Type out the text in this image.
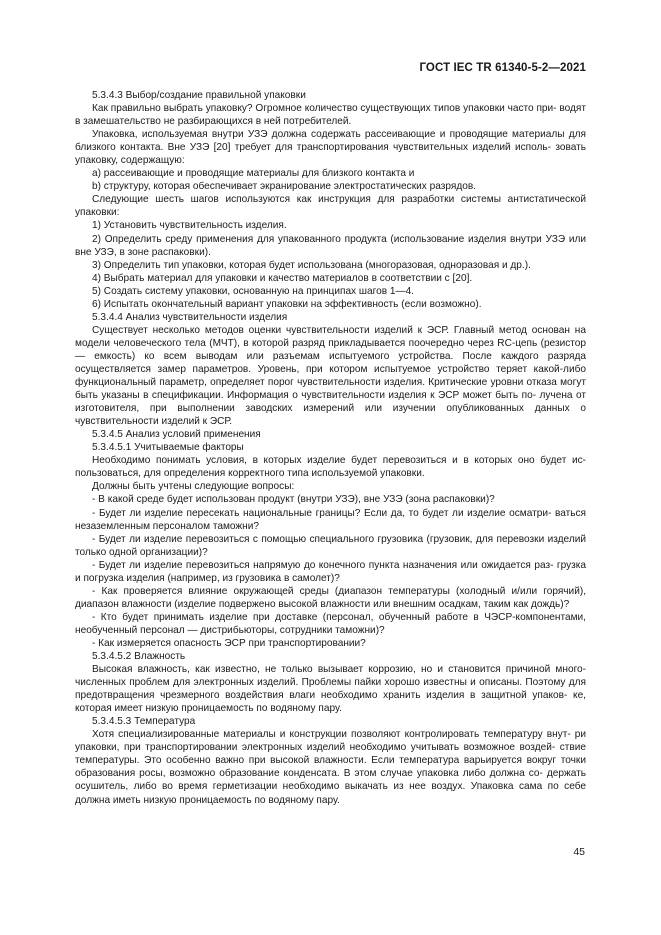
ГОСТ IEC TR 61340-5-2—2021

5.3.4.3 Выбор/создание правильной упаковки

Как правильно выбрать упаковку? Огромное количество существующих типов упаковки часто при- водят в замешательство не разбирающихся в ней потребителей.

Упаковка, используемая внутри УЗЭ должна содержать рассеивающие и проводящие материалы для близкого контакта. Вне УЗЭ [20] требует для транспортирования чувствительных изделий исполь- зовать упаковку, содержащую:

a) рассеивающие и проводящие материалы для близкого контакта и

b) структуру, которая обеспечивает экранирование электростатических разрядов.

Следующие шесть шагов используются как инструкция для разработки системы антистатической упаковки:

1) Установить чувствительность изделия.

2) Определить среду применения для упакованного продукта (использование изделия внутри УЗЭ или вне УЗЭ, в зоне распаковки).

3) Определить тип упаковки, которая будет использована (многоразовая, одноразовая и др.).

4) Выбрать материал для упаковки и качество материалов в соответствии с [20].

5) Создать систему упаковки, основанную на принципах шагов 1—4.

6) Испытать окончательный вариант упаковки на эффективность (если возможно).

5.3.4.4 Анализ чувствительности изделия

Существует несколько методов оценки чувствительности изделий к ЭСР. Главный метод основан на модели человеческого тела (МЧТ), в которой разряд прикладывается поочередно через RC-цепь (резистор — емкость) ко всем выводам или разъемам испытуемого устройства. После каждого разряда осуществляется замер параметров. Уровень, при котором испытуемое устройство теряет какой-либо функциональный параметр, определяет порог чувствительности изделия. Критические уровни отказа могут быть указаны в спецификации. Информация о чувствительности изделия к ЭСР может быть по- лучена от изготовителя, при выполнении заводских измерений или изучении опубликованных данных о чувствительности изделий к ЭСР.

5.3.4.5 Анализ условий применения

5.3.4.5.1 Учитываемые факторы

Необходимо понимать условия, в которых изделие будет перевозиться и в которых оно будет ис- пользоваться, для определения корректного типа используемой упаковки.

Должны быть учтены следующие вопросы:

- В какой среде будет использован продукт (внутри УЗЭ), вне УЗЭ (зона распаковки)?

- Будет ли изделие пересекать национальные границы? Если да, то будет ли изделие осматри- ваться незаземленным персоналом таможни?

- Будет ли изделие перевозиться с помощью специального грузовика (грузовик, для перевозки изделий только одной организации)?

- Будет ли изделие перевозиться напрямую до конечного пункта назначения или ожидается раз- грузка и погрузка изделия (например, из грузовика в самолет)?

- Как проверяется влияние окружающей среды (диапазон температуры (холодный и/или горячий), диапазон влажности (изделие подвержено высокой влажности или внешним осадкам, таким как дождь)?

- Кто будет принимать изделие при доставке (персонал, обученный работе в ЧЭСР-компонентами, необученный персонал — дистрибьюторы, сотрудники таможни)?

- Как измеряется опасность ЭСР при транспортировании?

5.3.4.5.2 Влажность

Высокая влажность, как известно, не только вызывает коррозию, но и становится причиной много- численных проблем для электронных изделий. Проблемы пайки хорошо известны и описаны. Поэтому для предотвращения чрезмерного воздействия влаги необходимо хранить изделия в защитной упаков- ке, которая имеет низкую проницаемость по водяному пару.

5.3.4.5.3 Температура

Хотя специализированные материалы и конструкции позволяют контролировать температуру внут- ри упаковки, при транспортировании электронных изделий необходимо учитывать возможное воздей- ствие температуры. Это особенно важно при высокой влажности. Если температура варьируется вокруг точки образования росы, возможно образование конденсата. В этом случае упаковка либо должна со- держать осушитель, либо во время герметизации необходимо выкачать из нее воздух. Упаковка сама по себе должна иметь низкую проницаемость по водяному пару.

45
